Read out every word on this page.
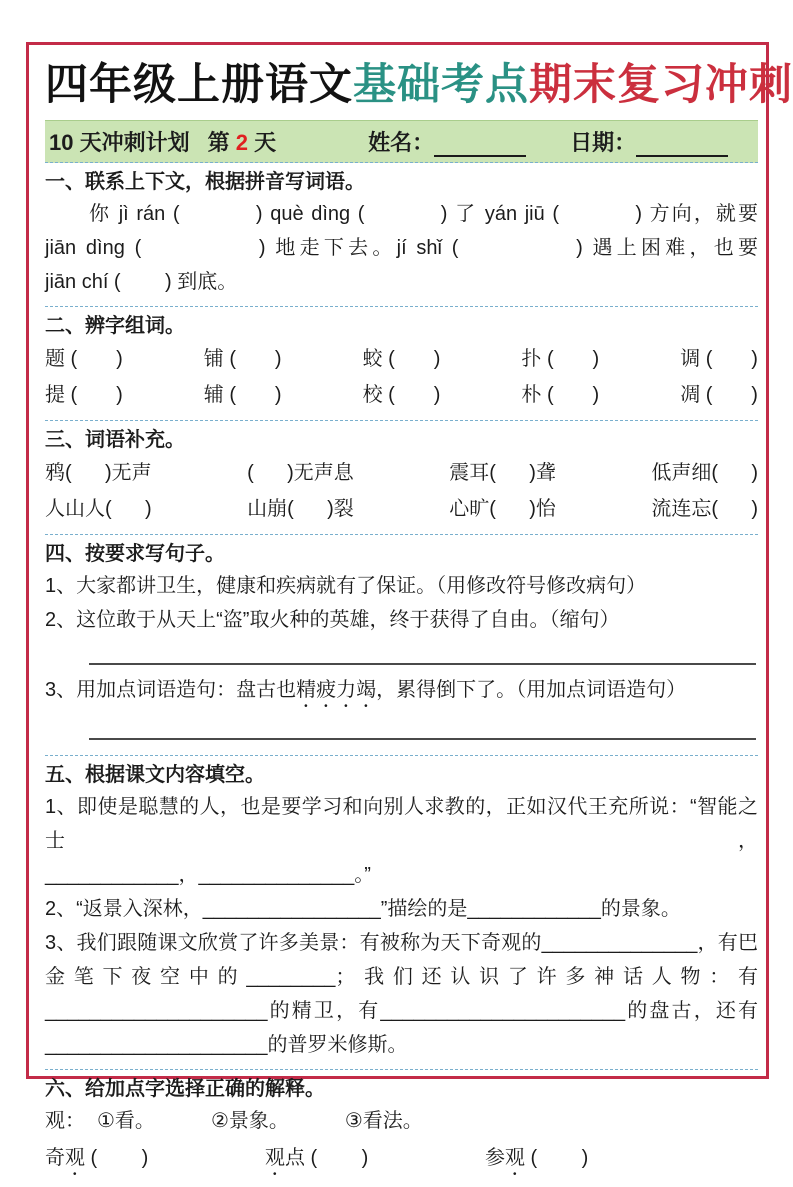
四年级上册语文基础考点期末复习冲刺
10 天冲刺计划 第 2 天	姓名：	日期：
一、联系上下文，根据拼音写词语。
你 jì rán (          ) què dìng (          ) 了 yán jiū (          ) 方向，就要
jiān dìng (            ) 地走下去。jí shǐ (            ) 遇上困难，也要
jiān chí (        ) 到底。
二、辨字组词。
题 (       )	铺 (       )	蛟 (       )	扑 (       )	调 (       )
提 (       )	辅 (       )	校 (       )	朴 (       )	凋 (       )
三、词语补充。
鸦(      )无声	(      )无声息	震耳(      )聋	低声细(      )
人山人(      )	山崩(      )裂	心旷(      )怡	流连忘(      )
四、按要求写句子。
1、大家都讲卫生，健康和疾病就有了保证。（用修改符号修改病句）
2、这位敢于从天上“盗”取火种的英雄，终于获得了自由。（缩句）
3、用加点词语造句：盘古也精疲力竭，累得倒下了。（用加点词语造句）
五、根据课文内容填空。
1、即使是聪慧的人，也是要学习和向别人求教的，正如汉代王充所说：“智能之士，
____________，______________。”
2、“返景入深林，________________”描绘的是____________的景象。
3、我们跟随课文欣赏了许多美景：有被称为天下奇观的______________，有巴金笔下夜空中的________；我们还认识了许多神话人物：有____________________的精卫，有______________________的盘古，还有____________________的普罗米修斯。
六、给加点字选择正确的解释。
观： ①看。	②景象。	③看法。
奇观 (        )	观点 (        )	参观 (        )
